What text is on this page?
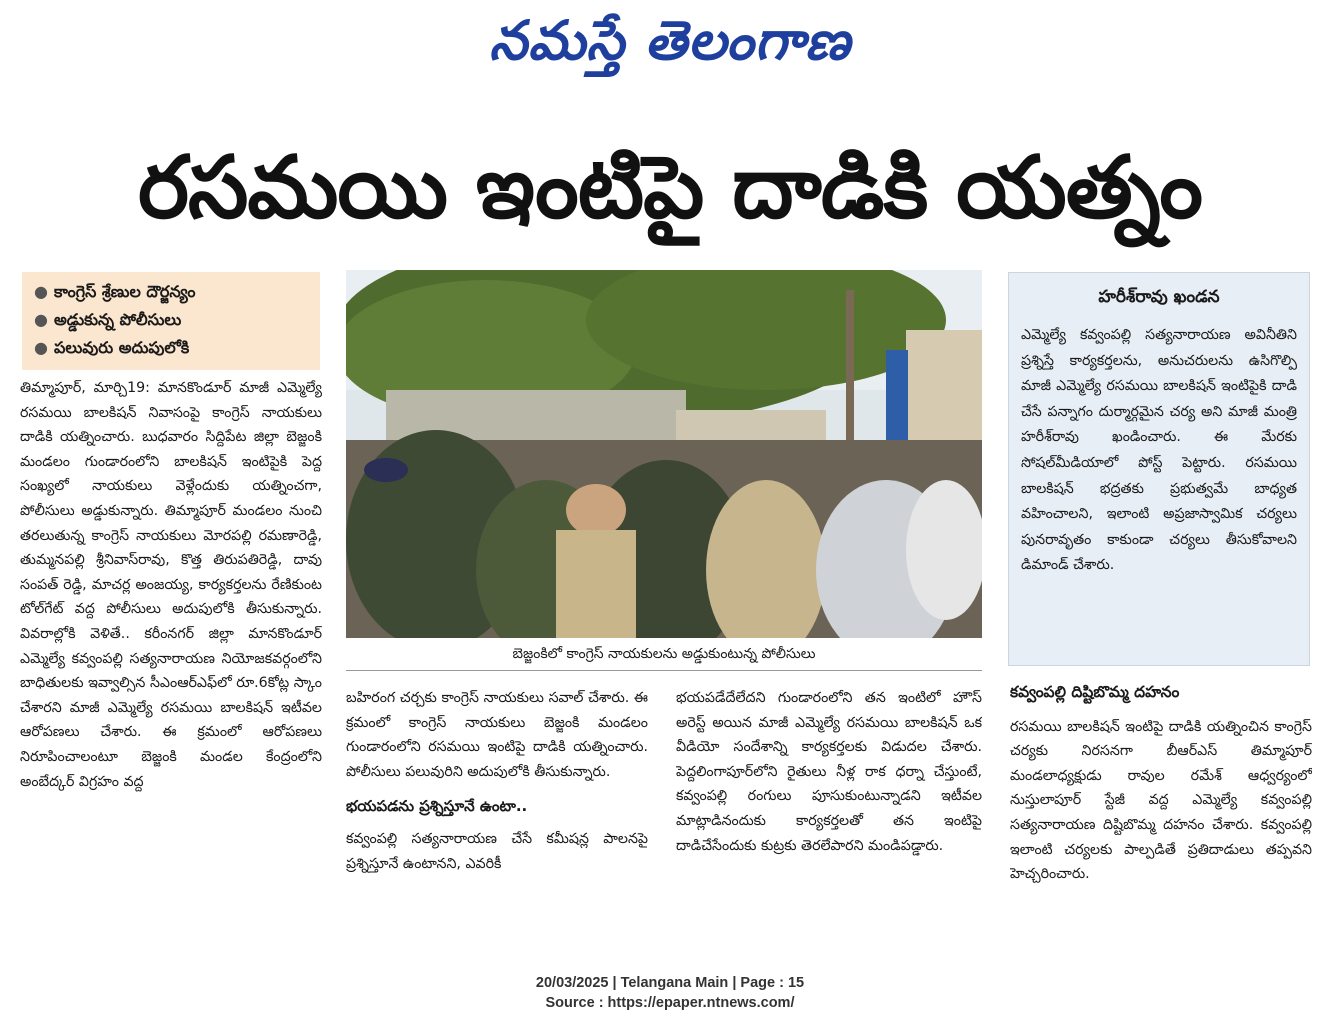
నమస్తే తెలంగాణ
రసమయి ఇంటిపై దాడికి యత్నం
● కాంగ్రెస్ శ్రేణుల దౌర్జన్యం
● అడ్డుకున్న పోలీసులు
● పలువురు అదుపులోకి

తిమ్మాపూర్, మార్చి19: మానకొండూర్ మాజీ ఎమ్మెల్యే రసమయి బాలకిషన్ నివాసంపై కాంగ్రెస్ నాయకులు దాడికి యత్నించారు. బుధవారం సిద్దిపేట జిల్లా బెజ్జంకి మండలం గుండారంలోని బాలకిషన్ ఇంటిపైకి పెద్ద సంఖ్యలో నాయకులు వెళ్లేందుకు యత్నించగా, పోలీసులు అడ్డుకున్నారు. తిమ్మాపూర్ మండలం నుంచి తరలుతున్న కాంగ్రెస్ నాయకులు మోరపల్లి రమణారెడ్డి, తుమ్మనపల్లి శ్రీనివాస్‌రావు, కొత్త తిరుపతిరెడ్డి, దావు సంపత్ రెడ్డి, మాచర్ల అంజయ్య, కార్యకర్తలను రేణికుంట టోల్‌గేట్ వద్ద పోలీసులు అదుపులోకి తీసుకున్నారు. వివరాల్లోకి వెళితే.. కరీంనగర్ జిల్లా మానకొండూర్ ఎమ్మెల్యే కవ్వంపల్లి సత్యనారాయణ నియోజకవర్గంలోని బాధితులకు ఇవ్వాల్సిన సీఎంఆర్‌ఎఫ్‌లో రూ.6కోట్ల స్కాం చేశారని మాజీ ఎమ్మెల్యే రసమయి బాలకిషన్ ఇటీవల ఆరోపణలు చేశారు. ఈ క్రమంలో ఆరోపణలు నిరూపించాలంటూ బెజ్జంకి మండల కేంద్రంలోని అంబేద్కర్ విగ్రహం వద్ద

బెజ్జంకిలో కాంగ్రెస్ నాయకులను అడ్డుకుంటున్న పోలీసులు

బహిరంగ చర్చకు కాంగ్రెస్ నాయకులు సవాల్ చేశారు. ఈ క్రమంలో కాంగ్రెస్ నాయకులు బెజ్జంకి మండలం గుండారంలోని రసమయి ఇంటిపై దాడికి యత్నించారు. పోలీసులు పలువురిని అదుపులోకి తీసుకున్నారు.

భయపడను ప్రశ్నిస్తూనే ఉంటా..

కవ్వంపల్లి సత్యనారాయణ చేసే కమీషన్ల పాలనపై ప్రశ్నిస్తూనే ఉంటానని, ఎవరికీ

భయపడేదేలేదని గుండారంలోని తన ఇంటిలో హౌస్ అరెస్ట్ అయిన మాజీ ఎమ్మెల్యే రసమయి బాలకిషన్ ఒక వీడియో సందేశాన్ని కార్యకర్తలకు విడుదల చేశారు. పెద్దలింగాపూర్‌లోని రైతులు నీళ్ల రాక ధర్నా చేస్తుంటే, కవ్వంపల్లి రంగులు పూసుకుంటున్నాడని ఇటీవల మాట్లాడినందుకు కార్యకర్తలతో తన ఇంటిపై దాడిచేసేందుకు కుట్రకు తెరలేపారని మండిపడ్డారు.

హరీశ్‌రావు ఖండన

ఎమ్మెల్యే కవ్వంపల్లి సత్యనారాయణ అవినీతిని ప్రశ్నిస్తే కార్యకర్తలను, అనుచరులను ఉసిగొల్పి మాజీ ఎమ్మెల్యే రసమయి బాలకిషన్ ఇంటిపైకి దాడి చేసే పన్నాగం దుర్మార్గమైన చర్య అని మాజీ మంత్రి హరీశ్‌రావు ఖండించారు. ఈ మేరకు సోషల్‌మీడియాలో పోస్ట్ పెట్టారు. రసమయి బాలకిషన్ భద్రతకు ప్రభుత్వమే బాధ్యత వహించాలని, ఇలాంటి అప్రజాస్వామిక చర్యలు పునరావృతం కాకుండా చర్యలు తీసుకోవాలని డిమాండ్ చేశారు.

కవ్వంపల్లి దిష్టిబొమ్మ దహనం

రసమయి బాలకిషన్ ఇంటిపై దాడికి యత్నించిన కాంగ్రెస్ చర్యకు నిరసనగా బీఆర్‌ఎస్ తిమ్మాపూర్ మండలాధ్యక్షుడు రావుల రమేశ్ ఆధ్వర్యంలో నుస్తులాపూర్ స్టేజీ వద్ద ఎమ్మెల్యే కవ్వంపల్లి సత్యనారాయణ దిష్టిబొమ్మ దహనం చేశారు. కవ్వంపల్లి ఇలాంటి చర్యలకు పాల్పడితే ప్రతిదాడులు తప్పవని హెచ్చరించారు.

20/03/2025 | Telangana Main | Page : 15
Source : https://epaper.ntnews.com/
